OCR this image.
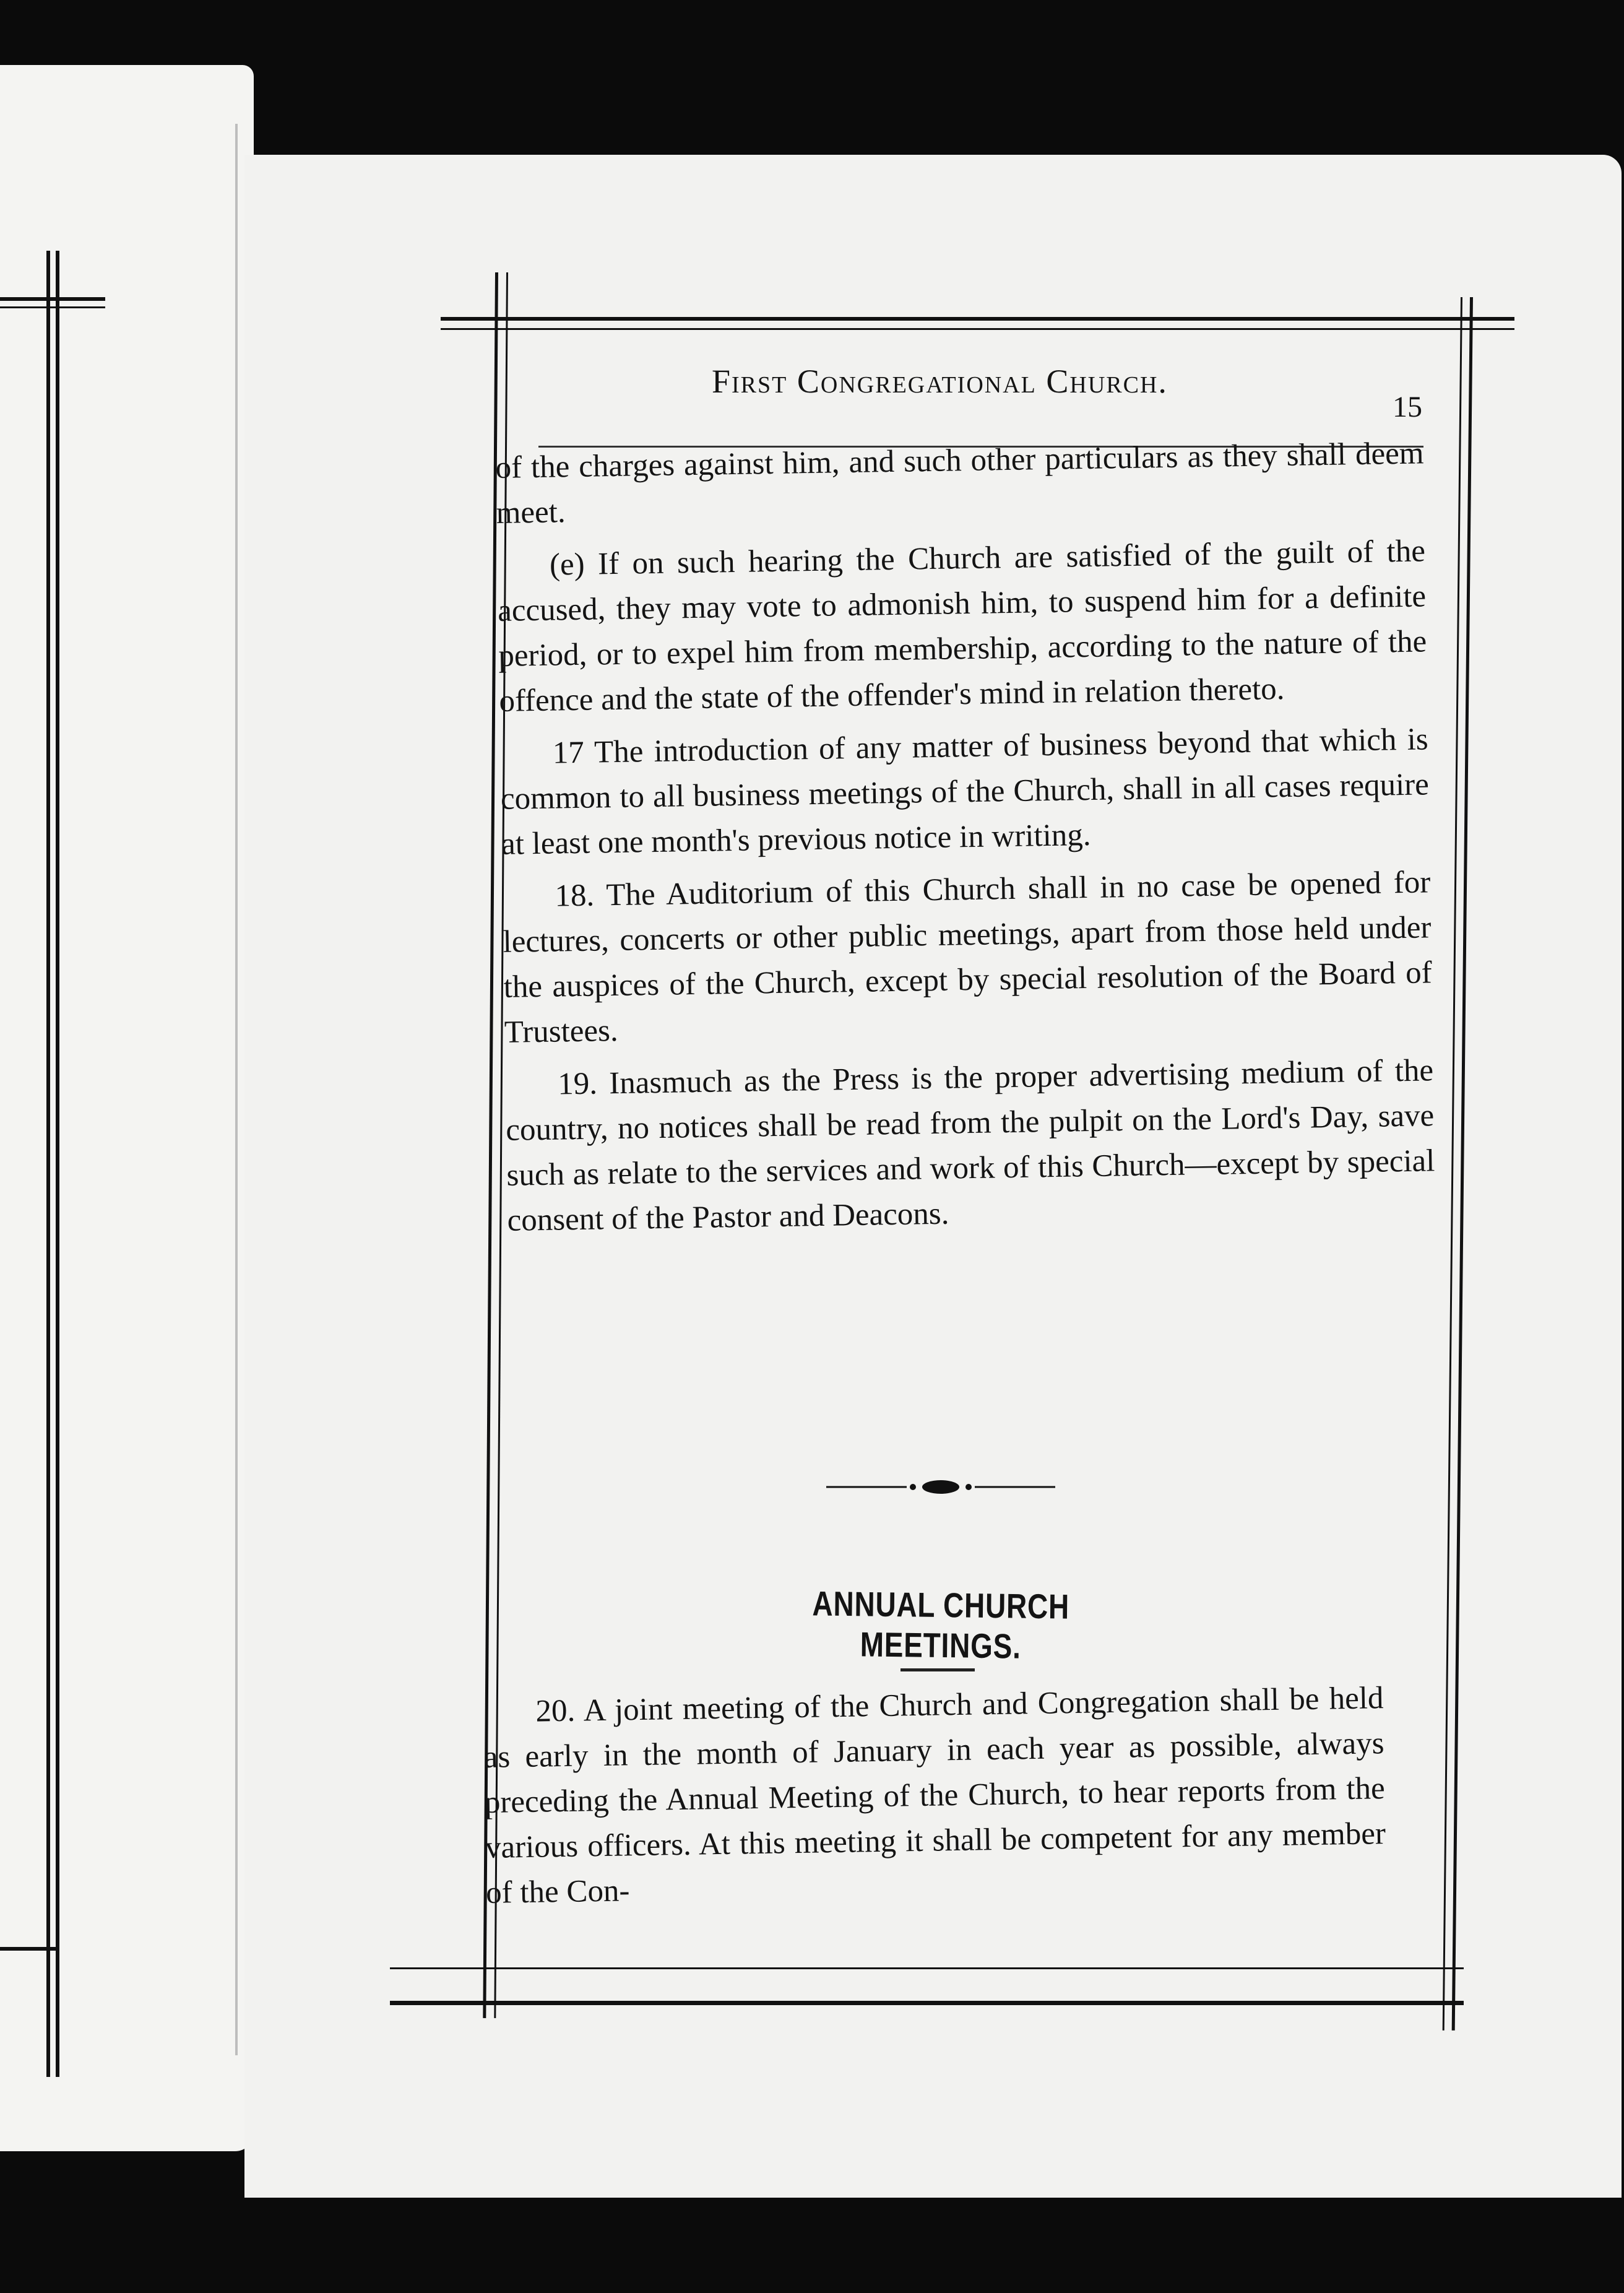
First Congregational Church.
15

of the charges against him, and such other particulars as they shall deem meet.

(e) If on such hearing the Church are satisfied of the guilt of the accused, they may vote to admonish him, to suspend him for a definite period, or to expel him from membership, according to the nature of the offence and the state of the offender's mind in relation thereto.

17 The introduction of any matter of business beyond that which is common to all business meetings of the Church, shall in all cases require at least one month's previous notice in writing.

18. The Auditorium of this Church shall in no case be opened for lectures, concerts or other public meetings, apart from those held under the auspices of the Church, except by special resolution of the Board of Trustees.

19. Inasmuch as the Press is the proper advertising medium of the country, no notices shall be read from the pulpit on the Lord's Day, save such as relate to the services and work of this Church—except by special consent of the Pastor and Deacons.

ANNUAL CHURCH MEETINGS.

20. A joint meeting of the Church and Congregation shall be held as early in the month of January in each year as possible, always preceding the Annual Meeting of the Church, to hear reports from the various officers. At this meeting it shall be competent for any member of the Con-
